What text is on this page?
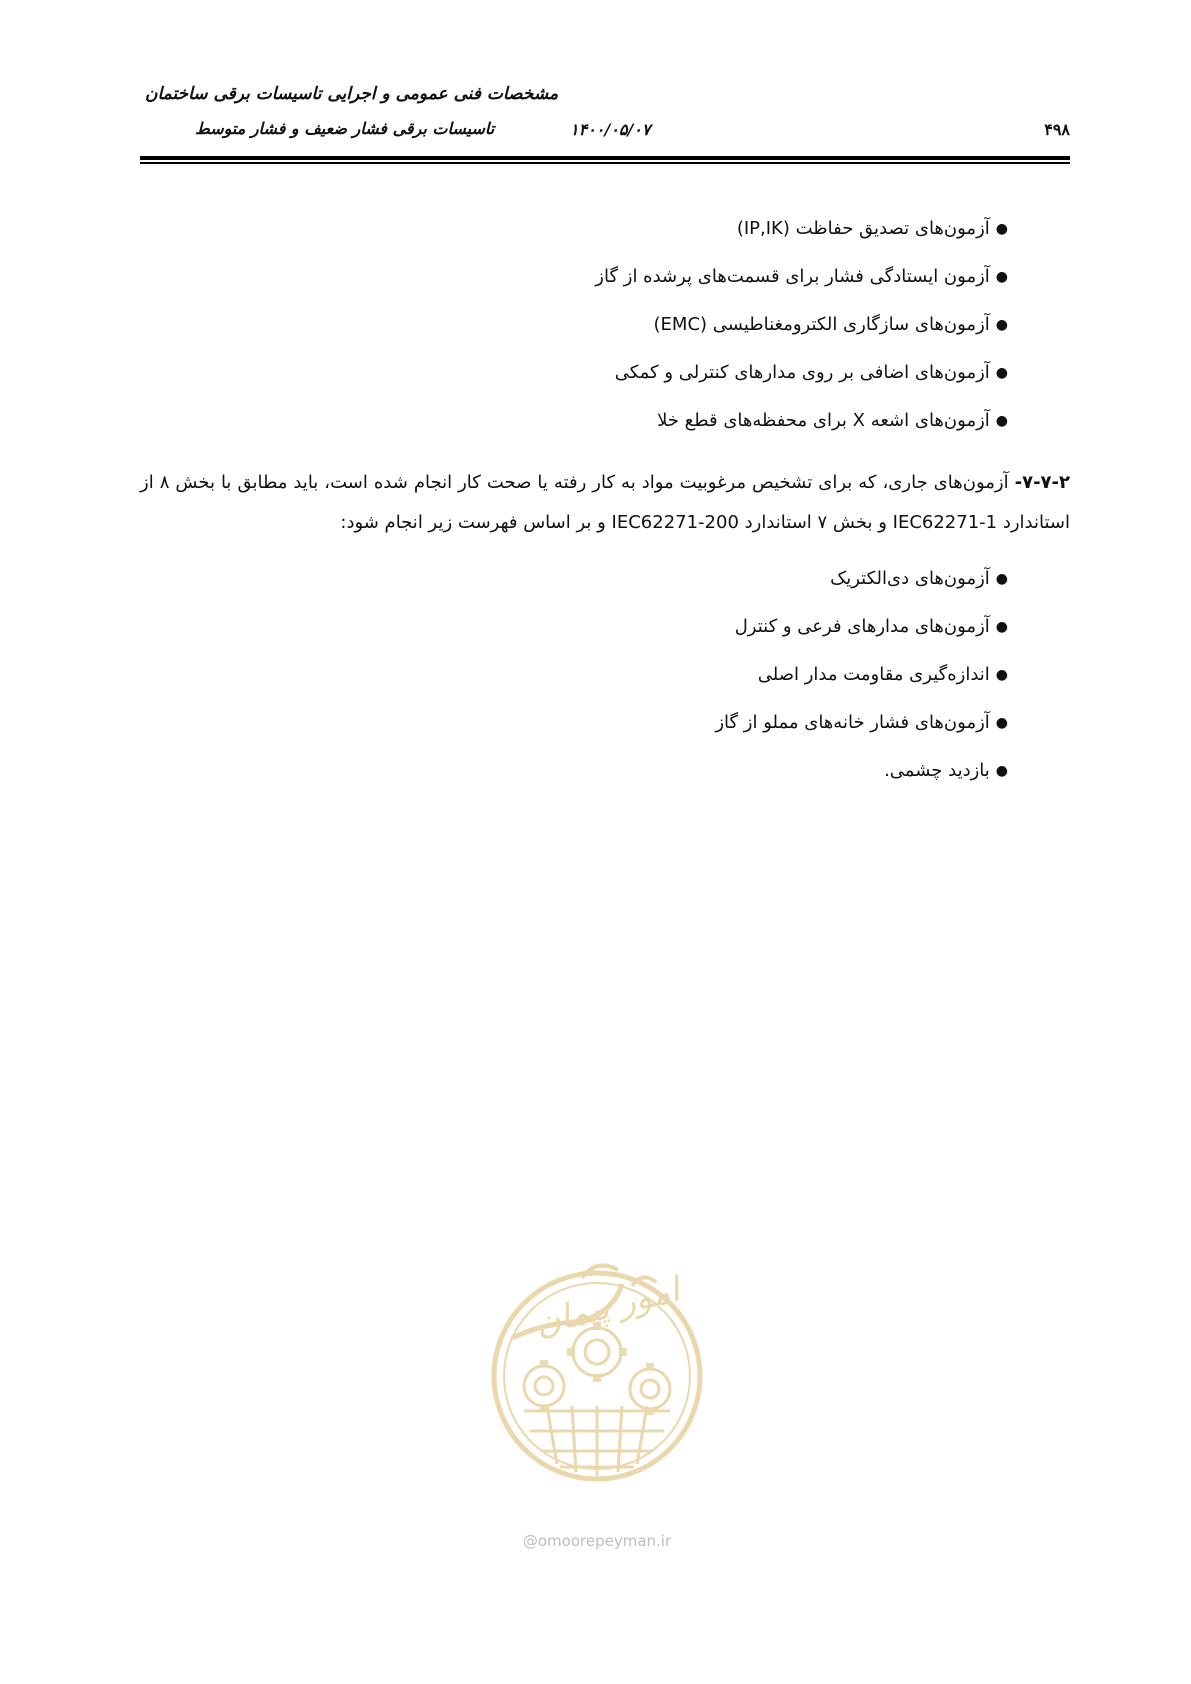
مشخصات فنی عمومی و اجرایی تاسیسات برقی ساختمان
تاسیسات برقی فشار ضعیف و فشار متوسط	۱۴۰۰/۰۵/۰۷	۴۹۸
●آزمون‌های تصدیق حفاظت (IP,IK)
●آزمون ایستادگی فشار برای قسمت‌های پرشده از گاز
●آزمون‌های سازگاری الکترومغناطیسی (EMC)
●آزمون‌های اضافی بر روی مدارهای کنترلی و کمکی
●آزمون‌های اشعه X برای محفظه‌های قطع خلا

۷-۷-۲- آزمون‌های جاری، که برای تشخیص مرغوبیت مواد به کار رفته یا صحت کار انجام شده است، باید مطابق با بخش ۸ از استاندارد IEC62271-1 و بخش ۷ استاندارد IEC62271-200 و بر اساس فهرست زیر انجام شود:

●آزمون‌های دی‌الکتریک
●آزمون‌های مدارهای فرعی و کنترل
●اندازه‌گیری مقاومت مدار اصلی
●آزمون‌های فشار خانه‌های مملو از گاز
●بازدید چشمی.
امور پیمان
@omoorepeyman.ir
